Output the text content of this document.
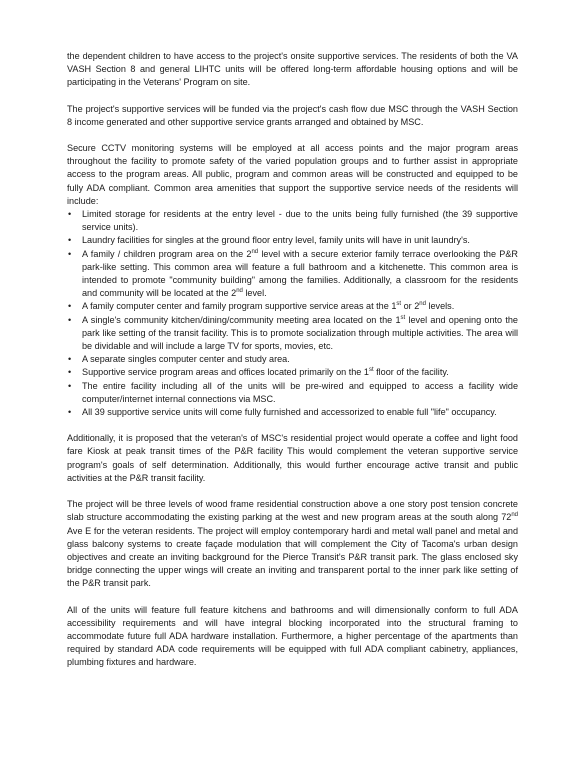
the dependent children to have access to the project's onsite supportive services. The residents of both the VA VASH Section 8 and general LIHTC units will be offered long-term affordable housing options and will be participating in the Veterans' Program on site.

The project's supportive services will be funded via the project's cash flow due MSC through the VASH Section 8 income generated and other supportive service grants arranged and obtained by MSC.

Secure CCTV monitoring systems will be employed at all access points and the major program areas throughout the facility to promote safety of the varied population groups and to further assist in appropriate access to the program areas. All public, program and common areas will be constructed and equipped to be fully ADA compliant. Common area amenities that support the supportive service needs of the residents will include:

• Limited storage for residents at the entry level - due to the units being fully furnished (the 39 supportive service units).
• Laundry facilities for singles at the ground floor entry level, family units will have in unit laundry's.
• A family / children program area on the 2nd level with a secure exterior family terrace overlooking the P&R park-like setting. This common area will feature a full bathroom and a kitchenette. This common area is intended to promote "community building" among the families. Additionally, a classroom for the residents and community will be located at the 2nd level.
• A family computer center and family program supportive service areas at the 1st or 2nd levels.
• A single's community kitchen/dining/community meeting area located on the 1st level and opening onto the park like setting of the transit facility. This is to promote socialization through multiple activities. The area will be dividable and will include a large TV for sports, movies, etc.
• A separate singles computer center and study area.
• Supportive service program areas and offices located primarily on the 1st floor of the facility.
• The entire facility including all of the units will be pre-wired and equipped to access a facility wide computer/internet internal connections via MSC.
• All 39 supportive service units will come fully furnished and accessorized to enable full "life" occupancy.

Additionally, it is proposed that the veteran's of MSC's residential project would operate a coffee and light food fare Kiosk at peak transit times of the P&R facility This would complement the veteran supportive service program's goals of self determination. Additionally, this would further encourage active transit and public activities at the P&R transit facility.

The project will be three levels of wood frame residential construction above a one story post tension concrete slab structure accommodating the existing parking at the west and new program areas at the south along 72nd Ave E for the veteran residents. The project will employ contemporary hardi and metal wall panel and metal and glass balcony systems to create façade modulation that will complement the City of Tacoma's urban design objectives and create an inviting background for the Pierce Transit's P&R transit park. The glass enclosed sky bridge connecting the upper wings will create an inviting and transparent portal to the inner park like setting of the P&R transit park.

All of the units will feature full feature kitchens and bathrooms and will dimensionally conform to full ADA accessibility requirements and will have integral blocking incorporated into the structural framing to accommodate future full ADA hardware installation. Furthermore, a higher percentage of the apartments than required by standard ADA code requirements will be equipped with full ADA compliant cabinetry, appliances, plumbing fixtures and hardware.
